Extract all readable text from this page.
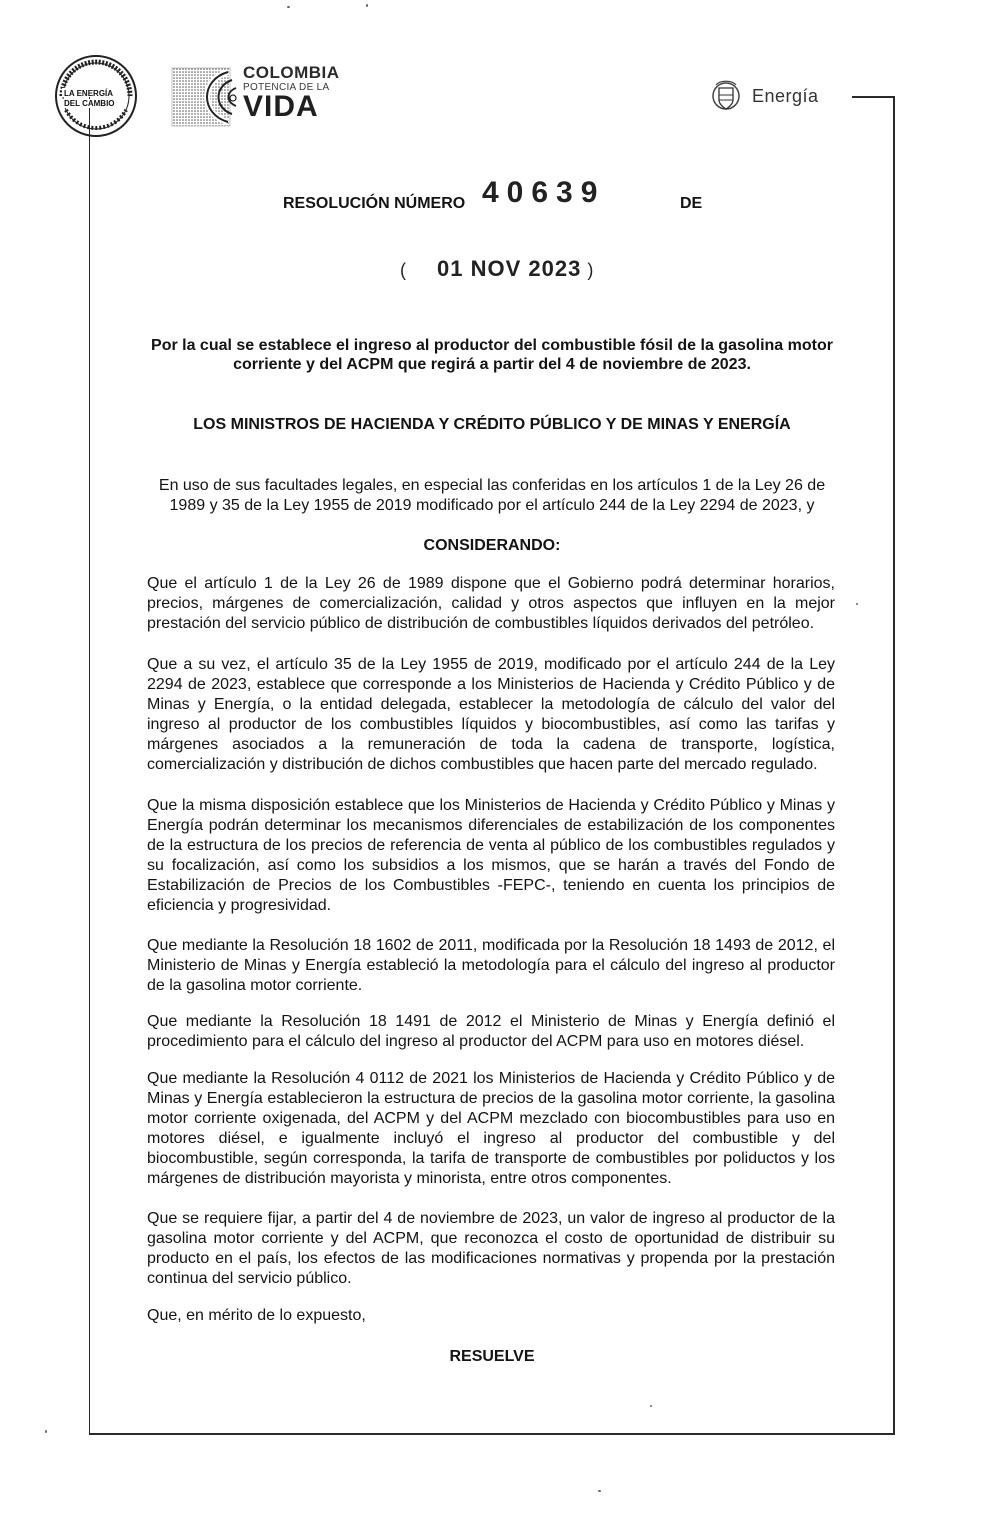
LA ENERGÍA
DEL CAMBIO
COLOMBIA
POTENCIA DE LA
VIDA	Energía
RESOLUCIÓN NÚMERO 40639	DE
( 01 NOV 2023 )
Por la cual se establece el ingreso al productor del combustible fósil de la gasolina motor corriente y del ACPM que regirá a partir del 4 de noviembre de 2023.
LOS MINISTROS DE HACIENDA Y CRÉDITO PÚBLICO Y DE MINAS Y ENERGÍA
En uso de sus facultades legales, en especial las conferidas en los artículos 1 de la Ley 26 de 1989 y 35 de la Ley 1955 de 2019 modificado por el artículo 244 de la Ley 2294 de 2023, y
CONSIDERANDO:

Que el artículo 1 de la Ley 26 de 1989 dispone que el Gobierno podrá determinar horarios, precios, márgenes de comercialización, calidad y otros aspectos que influyen en la mejor prestación del servicio público de distribución de combustibles líquidos derivados del petróleo.

Que a su vez, el artículo 35 de la Ley 1955 de 2019, modificado por el artículo 244 de la Ley 2294 de 2023, establece que corresponde a los Ministerios de Hacienda y Crédito Público y de Minas y Energía, o la entidad delegada, establecer la metodología de cálculo del valor del ingreso al productor de los combustibles líquidos y biocombustibles, así como las tarifas y márgenes asociados a la remuneración de toda la cadena de transporte, logística, comercialización y distribución de dichos combustibles que hacen parte del mercado regulado.

Que la misma disposición establece que los Ministerios de Hacienda y Crédito Público y Minas y Energía podrán determinar los mecanismos diferenciales de estabilización de los componentes de la estructura de los precios de referencia de venta al público de los combustibles regulados y su focalización, así como los subsidios a los mismos, que se harán a través del Fondo de Estabilización de Precios de los Combustibles -FEPC-, teniendo en cuenta los principios de eficiencia y progresividad.

Que mediante la Resolución 18 1602 de 2011, modificada por la Resolución 18 1493 de 2012, el Ministerio de Minas y Energía estableció la metodología para el cálculo del ingreso al productor de la gasolina motor corriente.

Que mediante la Resolución 18 1491 de 2012 el Ministerio de Minas y Energía definió el procedimiento para el cálculo del ingreso al productor del ACPM para uso en motores diésel.

Que mediante la Resolución 4 0112 de 2021 los Ministerios de Hacienda y Crédito Público y de Minas y Energía establecieron la estructura de precios de la gasolina motor corriente, la gasolina motor corriente oxigenada, del ACPM y del ACPM mezclado con biocombustibles para uso en motores diésel, e igualmente incluyó el ingreso al productor del combustible y del biocombustible, según corresponda, la tarifa de transporte de combustibles por poliductos y los márgenes de distribución mayorista y minorista, entre otros componentes.

Que se requiere fijar, a partir del 4 de noviembre de 2023, un valor de ingreso al productor de la gasolina motor corriente y del ACPM, que reconozca el costo de oportunidad de distribuir su producto en el país, los efectos de las modificaciones normativas y propenda por la prestación continua del servicio público.

Que, en mérito de lo expuesto,
RESUELVE
